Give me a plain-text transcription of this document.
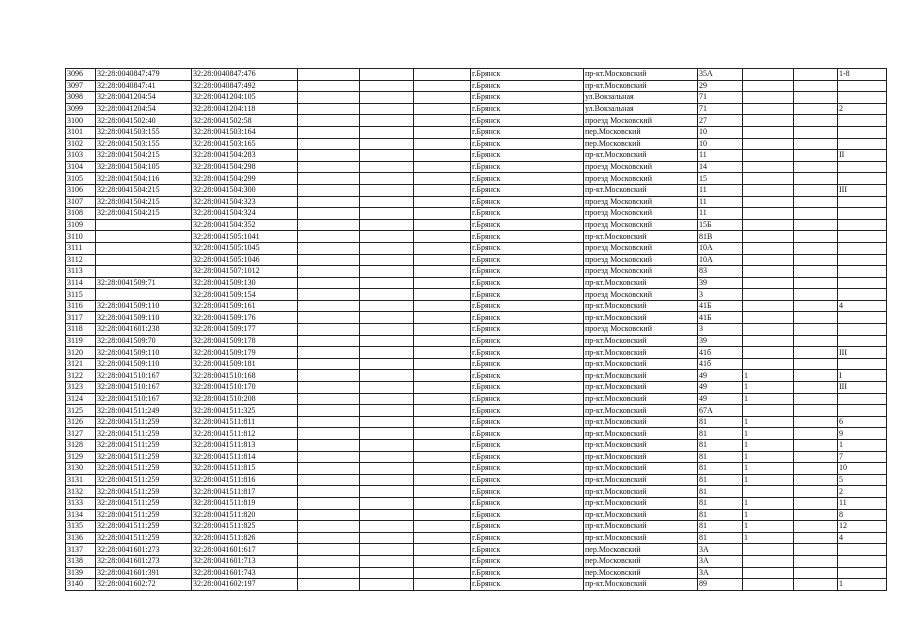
3096	32:28:0040847:479	32:28:0040847:476				г.Брянск	пр-кт.Московский	35А			1-8
3097	32:28:0040847:41	32:28:0040847:492				г.Брянск	пр-кт.Московский	29			
3098	32:28:0041204:54	32:28:0041204:105				г.Брянск	ул.Вокзальная	71			
3099	32:28:0041204:54	32:28:0041204:118				г.Брянск	ул.Вокзальная	71			2
3100	32:28:0041502:40	32:28:0041502:58				г.Брянск	проезд Московский	27			
3101	32:28:0041503:155	32:28:0041503:164				г.Брянск	пер.Московский	10			
3102	32:28:0041503:155	32:28:0041503:165				г.Брянск	пер.Московский	10			
3103	32:28:0041504:215	32:28:0041504:283				г.Брянск	пр-кт.Московский	11			II
3104	32:28:0041504:105	32:28:0041504:298				г.Брянск	проезд Московский	14			
3105	32:28:0041504:116	32:28:0041504:299				г.Брянск	проезд Московский	15			
3106	32:28:0041504:215	32:28:0041504:300				г.Брянск	пр-кт.Московский	11			III
3107	32:28:0041504:215	32:28:0041504:323				г.Брянск	проезд Московский	11			
3108	32:28:0041504:215	32:28:0041504:324				г.Брянск	проезд Московский	11			
3109		32:28:0041504:352				г.Брянск	проезд Московский	15Б			
3110		32:28:0041505:1041				г.Брянск	пр-кт.Московский	81В			
3111		32:28:0041505:1045				г.Брянск	проезд Московский	10А			
3112		32:28:0041505:1046				г.Брянск	проезд Московский	10А			
3113		32:28:0041507:1012				г.Брянск	проезд Московский	83			
3114	32:28:0041509:71	32:28:0041509:130				г.Брянск	пр-кт.Московский	39			
3115		32:28:0041509:154				г.Брянск	проезд Московский	3			
3116	32:28:0041509:110	32:28:0041509:161				г.Брянск	пр-кт.Московский	41Б			4
3117	32:28:0041509:110	32:28:0041509:176				г.Брянск	пр-кт.Московский	41Б			
3118	32:28:0041601:238	32:28:0041509:177				г.Брянск	проезд Московский	3			
3119	32:28:0041509:70	32:28:0041509:178				г.Брянск	пр-кт.Московский	39			
3120	32:28:0041509:110	32:28:0041509:179				г.Брянск	пр-кт.Московский	41б			III
3121	32:28:0041509:110	32:28:0041509:181				г.Брянск	пр-кт.Московский	41б			
3122	32:28:0041510:167	32:28:0041510:168				г.Брянск	пр-кт.Московский	49	1		I
3123	32:28:0041510:167	32:28:0041510:170				г.Брянск	пр-кт.Московский	49	1		III
3124	32:28:0041510:167	32:28:0041510:208				г.Брянск	пр-кт.Московский	49	1		
3125	32:28:0041511:249	32:28:0041511:325				г.Брянск	пр-кт.Московский	67А			
3126	32:28:0041511:259	32:28:0041511:811				г.Брянск	пр-кт.Московский	81	1		6
3127	32:28:0041511:259	32:28:0041511:812				г.Брянск	пр-кт.Московский	81	1		9
3128	32:28:0041511:259	32:28:0041511:813				г.Брянск	пр-кт.Московский	81	1		1
3129	32:28:0041511:259	32:28:0041511:814				г.Брянск	пр-кт.Московский	81	1		7
3130	32:28:0041511:259	32:28:0041511:815				г.Брянск	пр-кт.Московский	81	1		10
3131	32:28:0041511:259	32:28:0041511:816				г.Брянск	пр-кт.Московский	81	1		5
3132	32:28:0041511:259	32:28:0041511:817				г.Брянск	пр-кт.Московский	81			2
3133	32:28:0041511:259	32:28:0041511:819				г.Брянск	пр-кт.Московский	81	1		11
3134	32:28:0041511:259	32:28:0041511:820				г.Брянск	пр-кт.Московский	81	1		8
3135	32:28:0041511:259	32:28:0041511:825				г.Брянск	пр-кт.Московский	81	1		12
3136	32:28:0041511:259	32:28:0041511:826				г.Брянск	пр-кт.Московский	81	1		4
3137	32:28:0041601:273	32:28:0041601:617				г.Брянск	пер.Московский	3А			
3138	32:28:0041601:273	32:28:0041601:713				г.Брянск	пер.Московский	3А			
3139	32:28:0041601:391	32:28:0041601:743				г.Брянск	пер.Московский	3А			
3140	32:28:0041602:72	32:28:0041602:197				г.Брянск	пр-кт.Московский	89			1
